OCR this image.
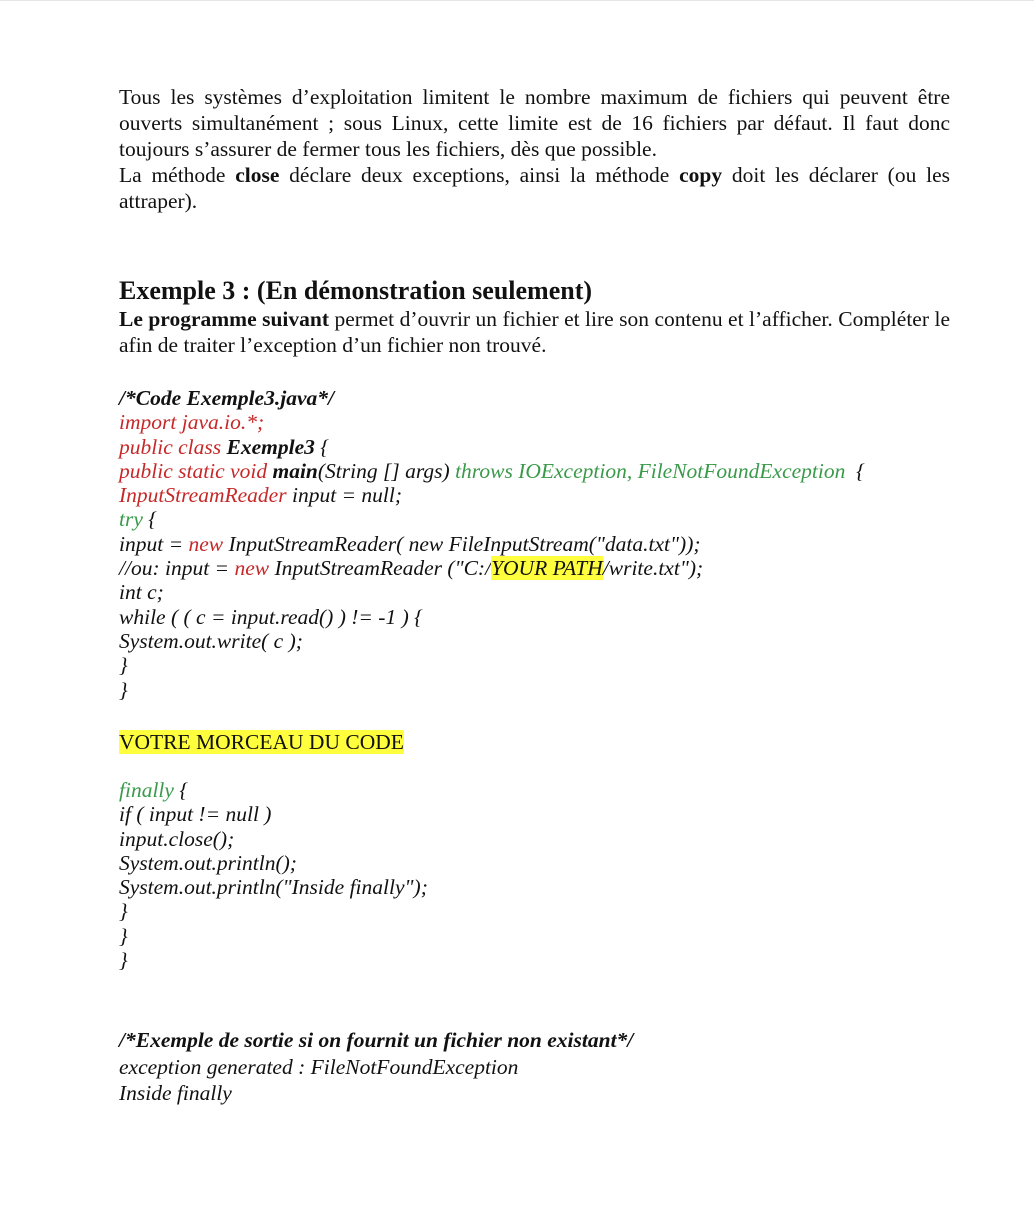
Tous les systèmes d’exploitation limitent le nombre maximum de fichiers qui peuvent être ouverts simultanément ; sous Linux, cette limite est de 16 fichiers par défaut. Il faut donc toujours s’assurer de fermer tous les fichiers, dès que possible.
La méthode close déclare deux exceptions, ainsi la méthode copy doit les déclarer (ou les attraper).
Exemple 3 : (En démonstration seulement)
Le programme suivant permet d’ouvrir un fichier et lire son contenu et l’afficher. Compléter le afin de traiter l’exception d’un fichier non trouvé.
/*Code Exemple3.java*/
import java.io.*;
public class Exemple3 {
public static void main(String [] args) throws IOException, FileNotFoundException  {
InputStreamReader input = null;
try {
input = new InputStreamReader( new FileInputStream("data.txt"));
//ou: input = new InputStreamReader ("C:/YOUR PATH/write.txt");
int c;
while ( ( c = input.read() ) != -1 ) {
System.out.write( c );
}
}
VOTRE MORCEAU DU CODE
finally {
if ( input != null )
input.close();
System.out.println();
System.out.println("Inside finally");
}
}
}
/*Exemple de sortie si on fournit un fichier non existant*/
exception generated : FileNotFoundException
Inside finally
